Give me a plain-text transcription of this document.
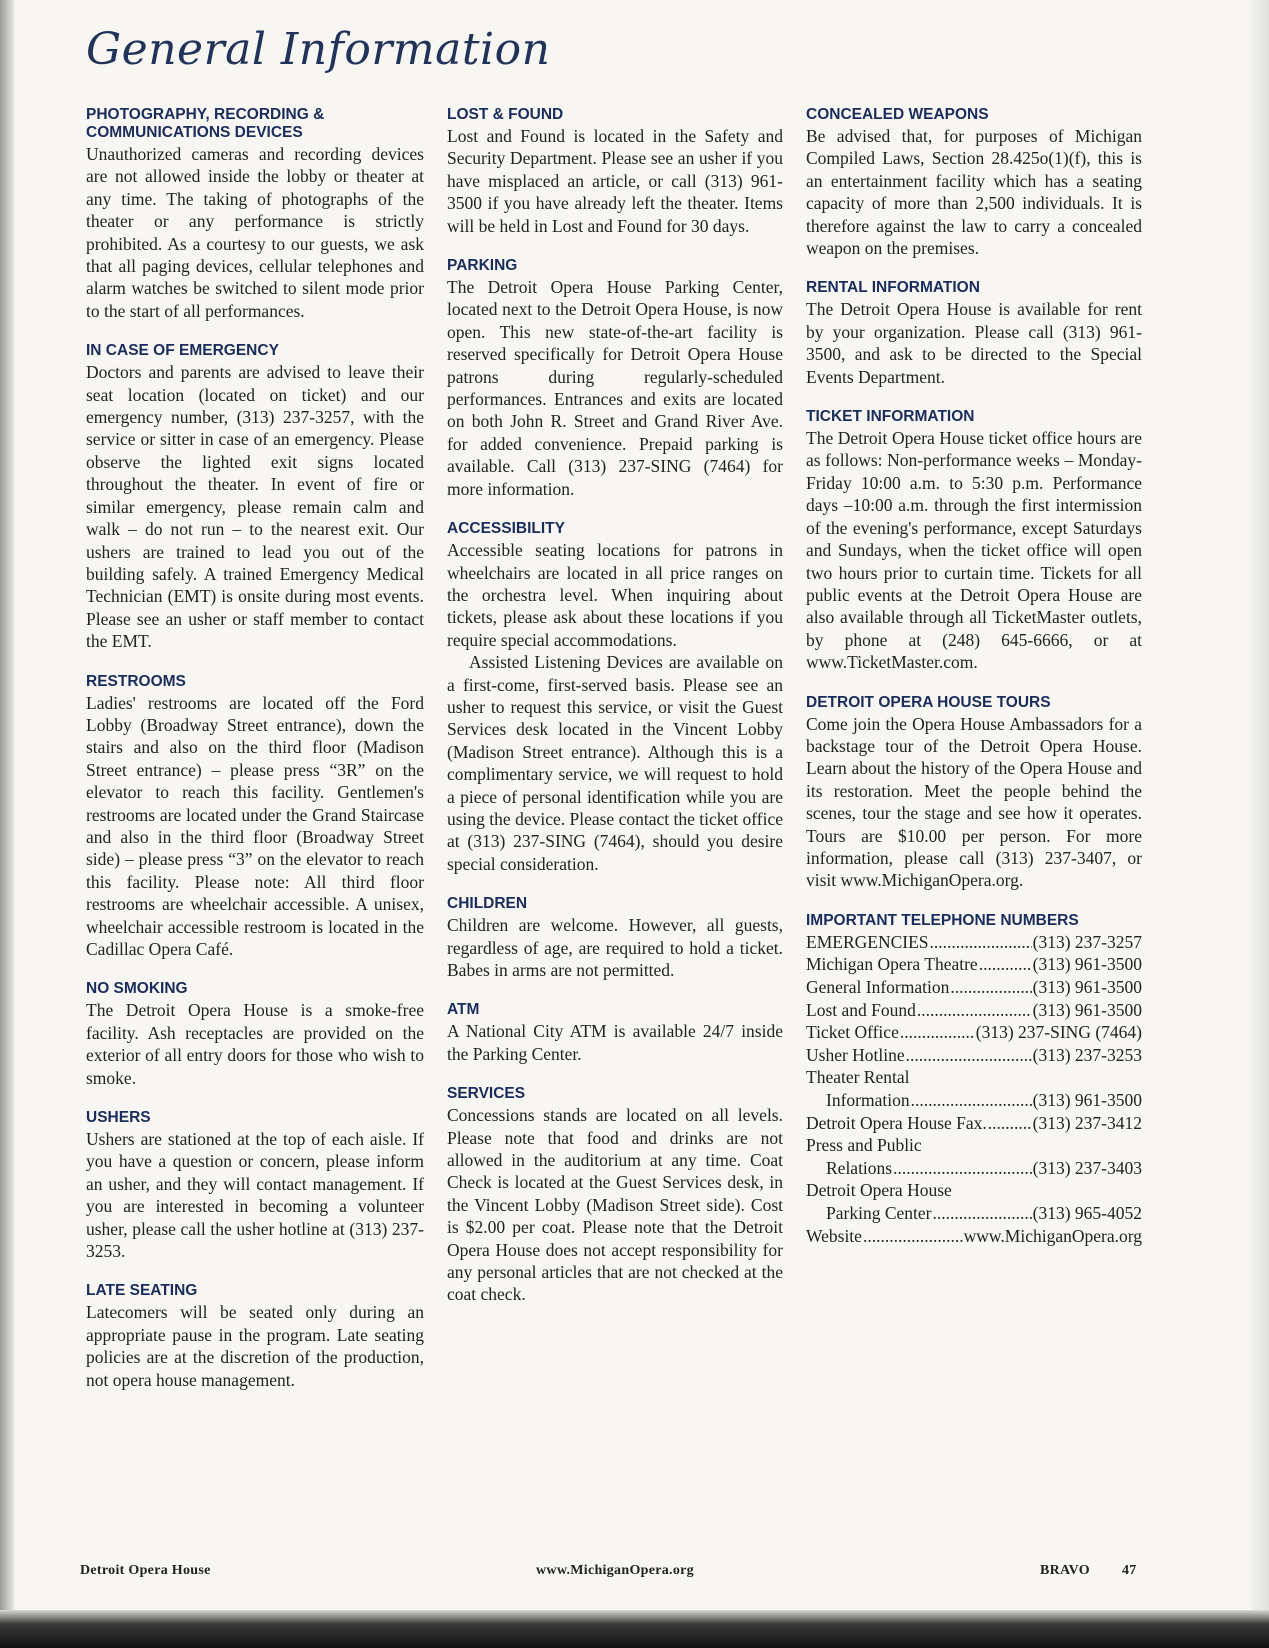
General Information
PHOTOGRAPHY, RECORDING & COMMUNICATIONS DEVICES

Unauthorized cameras and recording devices are not allowed inside the lobby or theater at any time. The taking of photographs of the theater or any performance is strictly prohibited. As a courtesy to our guests, we ask that all paging devices, cellular telephones and alarm watches be switched to silent mode prior to the start of all performances.

IN CASE OF EMERGENCY

Doctors and parents are advised to leave their seat location (located on ticket) and our emergency number, (313) 237-3257, with the service or sitter in case of an emergency. Please observe the lighted exit signs located throughout the theater. In event of fire or similar emergency, please remain calm and walk – do not run – to the nearest exit. Our ushers are trained to lead you out of the building safely. A trained Emergency Medical Technician (EMT) is onsite during most events. Please see an usher or staff member to contact the EMT.

RESTROOMS

Ladies' restrooms are located off the Ford Lobby (Broadway Street entrance), down the stairs and also on the third floor (Madison Street entrance) – please press “3R” on the elevator to reach this facility. Gentlemen's restrooms are located under the Grand Staircase and also in the third floor (Broadway Street side) – please press “3” on the elevator to reach this facility. Please note: All third floor restrooms are wheelchair accessible. A unisex, wheelchair accessible restroom is located in the Cadillac Opera Café.

NO SMOKING

The Detroit Opera House is a smoke-free facility. Ash receptacles are provided on the exterior of all entry doors for those who wish to smoke.

USHERS

Ushers are stationed at the top of each aisle. If you have a question or concern, please inform an usher, and they will contact management. If you are interested in becoming a volunteer usher, please call the usher hotline at (313) 237-3253.

LATE SEATING

Latecomers will be seated only during an appropriate pause in the program. Late seating policies are at the discretion of the production, not opera house management.

LOST & FOUND

Lost and Found is located in the Safety and Security Department. Please see an usher if you have misplaced an article, or call (313) 961-3500 if you have already left the theater. Items will be held in Lost and Found for 30 days.

PARKING

The Detroit Opera House Parking Center, located next to the Detroit Opera House, is now open. This new state-of-the-art facility is reserved specifically for Detroit Opera House patrons during regularly-scheduled performances. Entrances and exits are located on both John R. Street and Grand River Ave. for added convenience. Prepaid parking is available. Call (313) 237-SING (7464) for more information.

ACCESSIBILITY

Accessible seating locations for patrons in wheelchairs are located in all price ranges on the orchestra level. When inquiring about tickets, please ask about these locations if you require special accommodations.

Assisted Listening Devices are available on a first-come, first-served basis. Please see an usher to request this service, or visit the Guest Services desk located in the Vincent Lobby (Madison Street entrance). Although this is a complimentary service, we will request to hold a piece of personal identification while you are using the device. Please contact the ticket office at (313) 237-SING (7464), should you desire special consideration.

CHILDREN

Children are welcome. However, all guests, regardless of age, are required to hold a ticket. Babes in arms are not permitted.

ATM

A National City ATM is available 24/7 inside the Parking Center.

SERVICES

Concessions stands are located on all levels. Please note that food and drinks are not allowed in the auditorium at any time. Coat Check is located at the Guest Services desk, in the Vincent Lobby (Madison Street side). Cost is $2.00 per coat. Please note that the Detroit Opera House does not accept responsibility for any personal articles that are not checked at the coat check.

CONCEALED WEAPONS

Be advised that, for purposes of Michigan Compiled Laws, Section 28.425o(1)(f), this is an entertainment facility which has a seating capacity of more than 2,500 individuals. It is therefore against the law to carry a concealed weapon on the premises.

RENTAL INFORMATION

The Detroit Opera House is available for rent by your organization. Please call (313) 961-3500, and ask to be directed to the Special Events Department.

TICKET INFORMATION

The Detroit Opera House ticket office hours are as follows: Non-performance weeks – Monday-Friday 10:00 a.m. to 5:30 p.m. Performance days –10:00 a.m. through the first intermission of the evening's performance, except Saturdays and Sundays, when the ticket office will open two hours prior to curtain time. Tickets for all public events at the Detroit Opera House are also available through all TicketMaster outlets, by phone at (248) 645-6666, or at www.TicketMaster.com.

DETROIT OPERA HOUSE TOURS

Come join the Opera House Ambassadors for a backstage tour of the Detroit Opera House. Learn about the history of the Opera House and its restoration. Meet the people behind the scenes, tour the stage and see how it operates. Tours are $10.00 per person. For more information, please call (313) 237-3407, or visit www.MichiganOpera.org.

IMPORTANT TELEPHONE NUMBERS
EMERGENCIES .....	(313) 237-3257
Michigan Opera Theatre .....	(313) 961-3500
General Information .....	(313) 961-3500
Lost and Found .....	(313) 961-3500
Ticket Office .....	(313) 237-SING (7464)
Usher Hotline .....	(313) 237-3253
Theater Rental
Information .....	(313) 961-3500
Detroit Opera House Fax. .....	(313) 237-3412
Press and Public
Relations .....	(313) 237-3403
Detroit Opera House
Parking Center .....	(313) 965-4052
Website .....	www.MichiganOpera.org
Detroit Opera House	www.MichiganOpera.org	BRAVO 47
